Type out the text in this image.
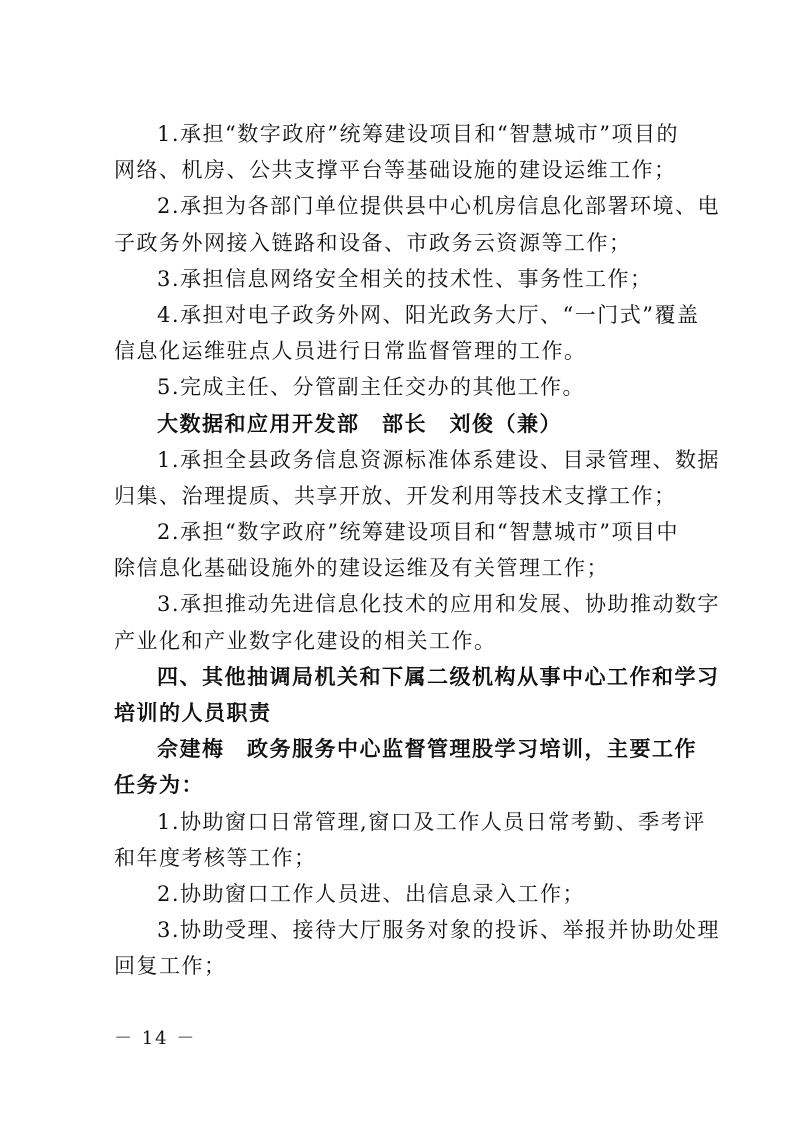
1.承担“数字政府”统筹建设项目和“智慧城市”项目的
网络、机房、公共支撑平台等基础设施的建设运维工作；
2.承担为各部门单位提供县中心机房信息化部署环境、电
子政务外网接入链路和设备、市政务云资源等工作；
3.承担信息网络安全相关的技术性、事务性工作；
4.承担对电子政务外网、阳光政务大厅、“一门式”覆盖
信息化运维驻点人员进行日常监督管理的工作。
5.完成主任、分管副主任交办的其他工作。
大数据和应用开发部　部长　刘俊（兼）
1.承担全县政务信息资源标准体系建设、目录管理、数据
归集、治理提质、共享开放、开发利用等技术支撑工作；
2.承担“数字政府”统筹建设项目和“智慧城市”项目中
除信息化基础设施外的建设运维及有关管理工作；
3.承担推动先进信息化技术的应用和发展、协助推动数字
产业化和产业数字化建设的相关工作。
四、其他抽调局机关和下属二级机构从事中心工作和学习
培训的人员职责
佘建梅　政务服务中心监督管理股学习培训，主要工作
任务为：
1.协助窗口日常管理,窗口及工作人员日常考勤、季考评
和年度考核等工作；
2.协助窗口工作人员进、出信息录入工作；
3.协助受理、接待大厅服务对象的投诉、举报并协助处理
回复工作；
－ 14 －
